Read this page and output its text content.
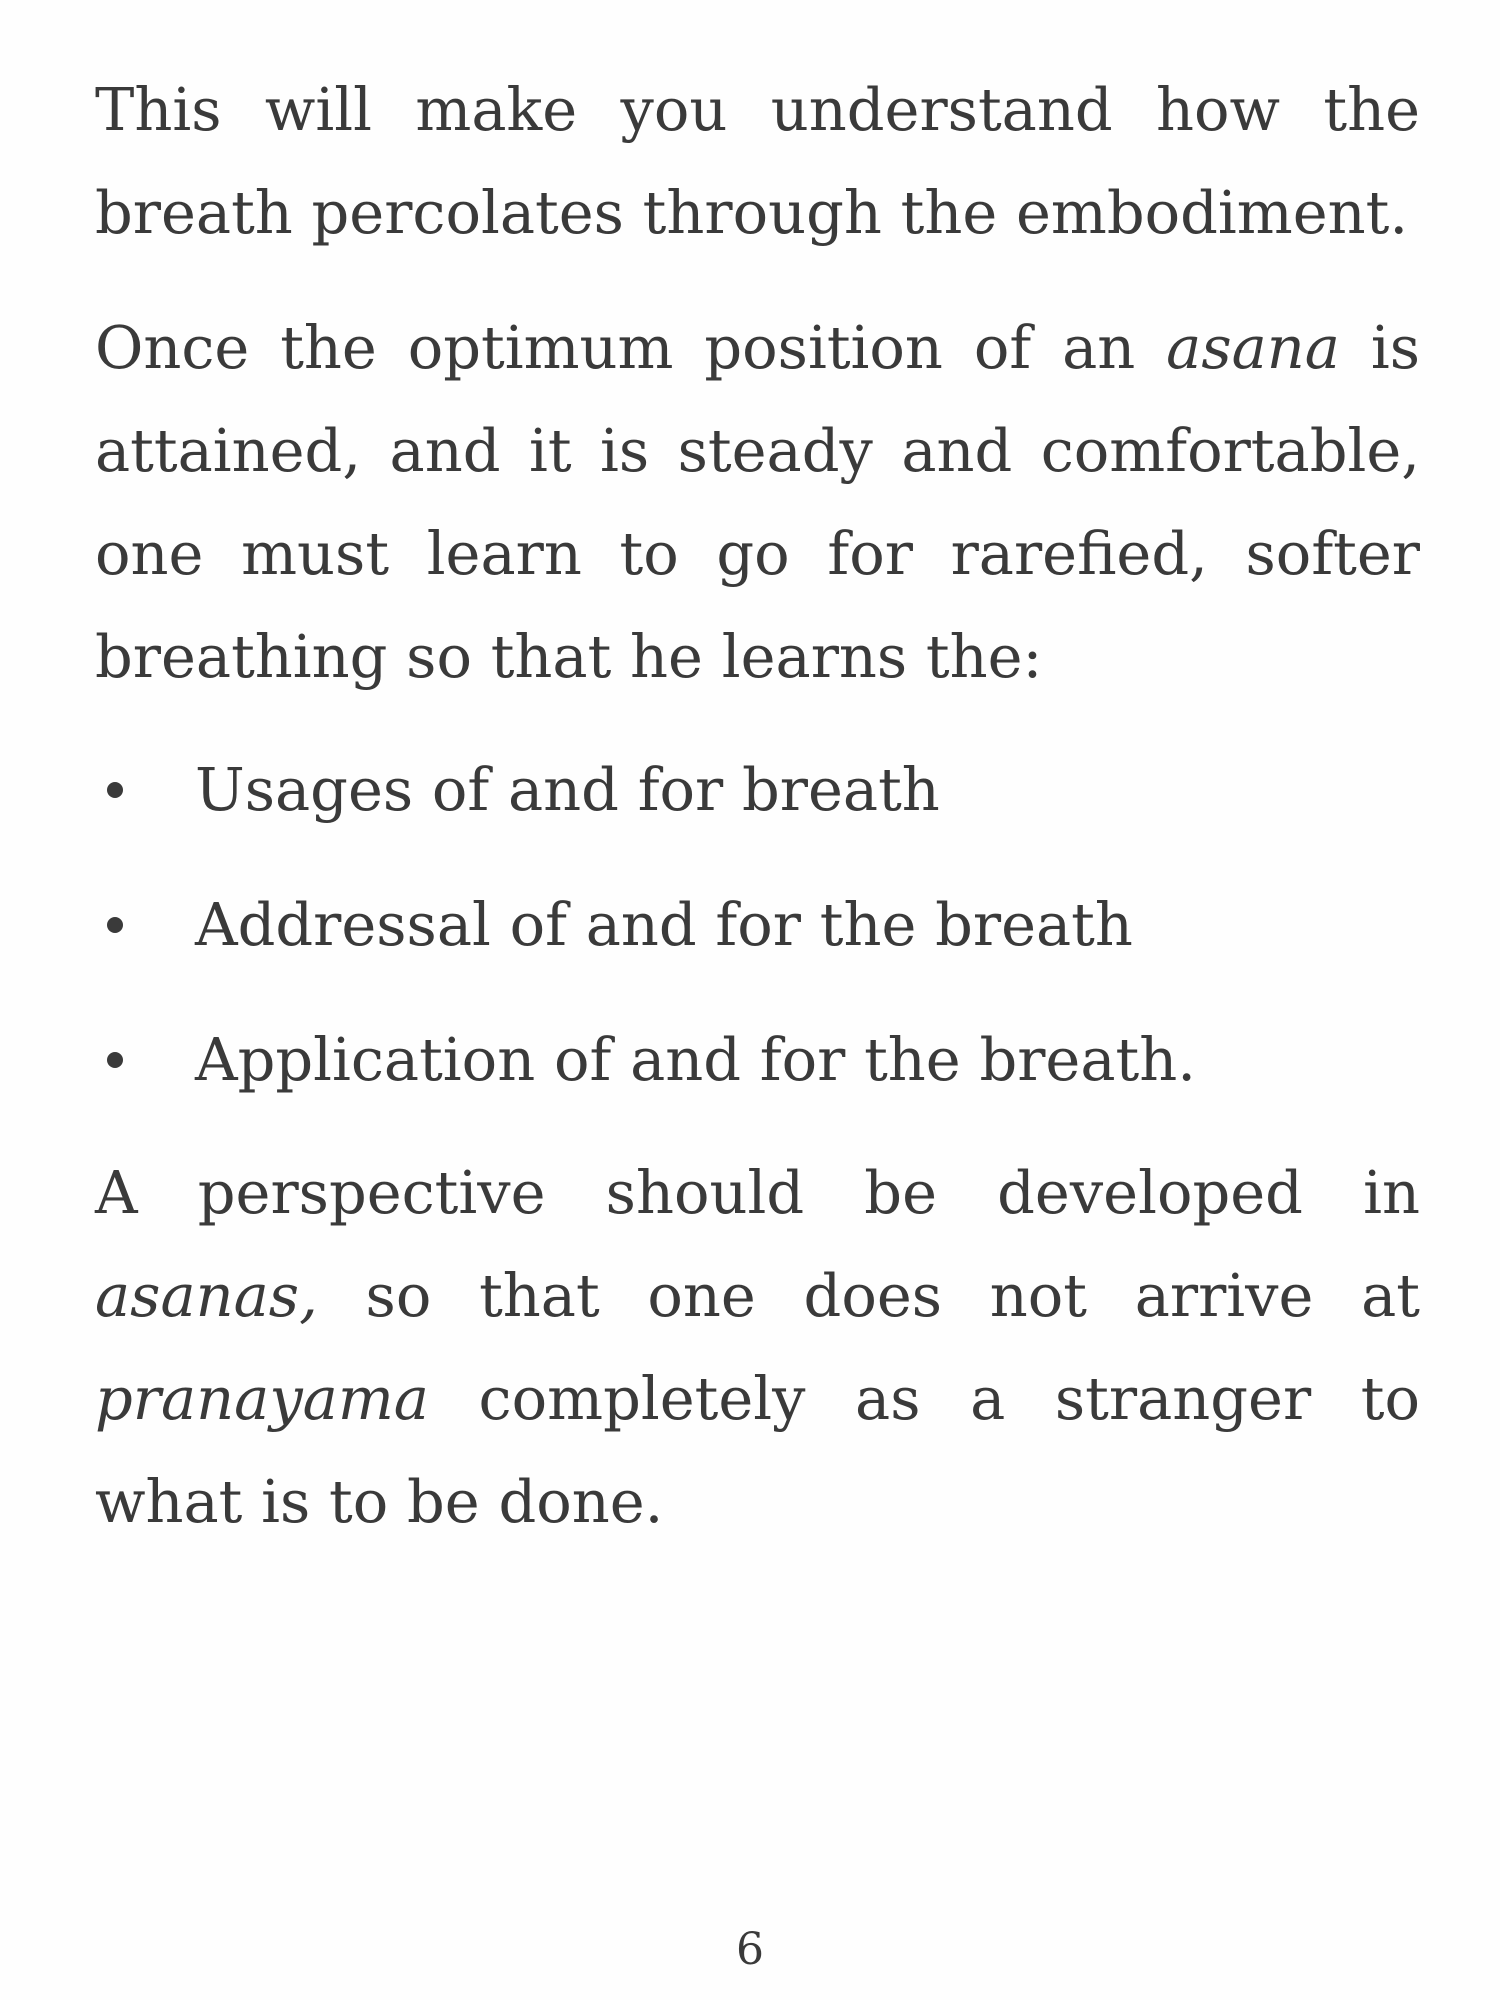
This will make you understand how the breath percolates through the embodiment.

Once the optimum position of an asana is attained, and it is steady and comfortable, one must learn to go for rarefied, softer breathing so that he learns the:

Usages of and for breath
Addressal of and for the breath
Application of and for the breath.

A perspective should be developed in asanas, so that one does not arrive at pranayama completely as a stranger to what is to be done.

6
